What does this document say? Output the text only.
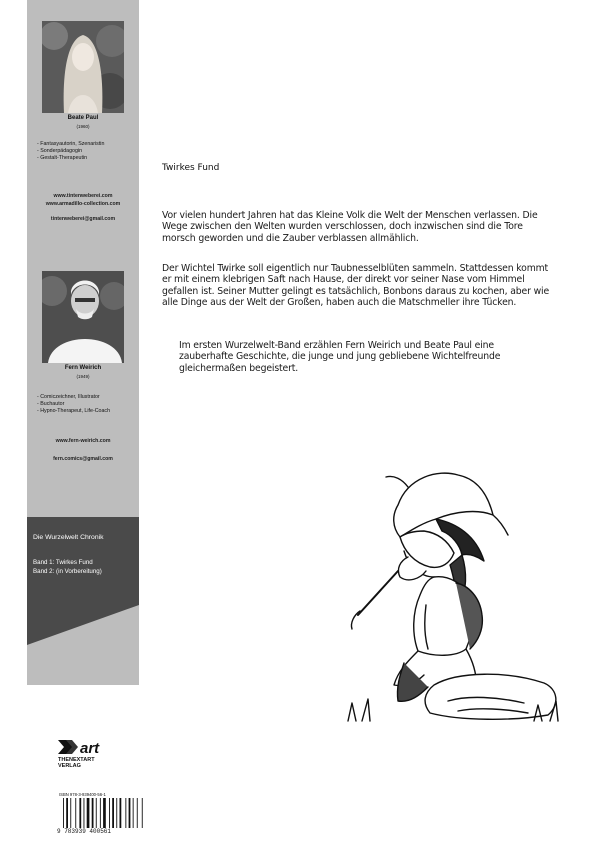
Beate Paul
(1960)
- Fantasyautorin, Szenaristin
- Sonderpädagogin
- Gestalt-Therapeutin
www.tintenweberei.com
www.armadillo-collection.com
tintenweberei@gmail.com
Fern Weirich
(1949)
- Comiczeichner, Illustrator
- Buchautor
- Hypno-Therapeut, Life-Coach
www.fern-weirich.com
fern.comics@gmail.com
Die Wurzelwelt Chronik
Band 1: Twirkes Fund
Band 2: (in Vorbereitung)
Twirkes Fund

Vor vielen hundert Jahren hat das Kleine Volk die Welt der Menschen verlassen. Die Wege zwischen den Welten wurden verschlossen, doch inzwischen sind die Tore morsch geworden und die Zauber verblassen allmählich.

Der Wichtel Twirke soll eigentlich nur Taubnesselblüten sammeln. Stattdessen kommt er mit einem klebrigen Saft nach Hause, der direkt vor seiner Nase vom Himmel gefallen ist. Seiner Mutter gelingt es tatsächlich, Bonbons daraus zu kochen, aber wie alle Dinge aus der Welt der Großen, haben auch die Matschmeller ihre Tücken.

Im ersten Wurzelwelt-Band erzählen Fern Weirich und Beate Paul eine zauberhafte Geschichte, die junge und jung gebliebene Wichtelfreunde gleichermaßen begeistert.

art
THENEXTART
VERLAG
ISBN 978-3-939400-56-1
9 783939 400561
